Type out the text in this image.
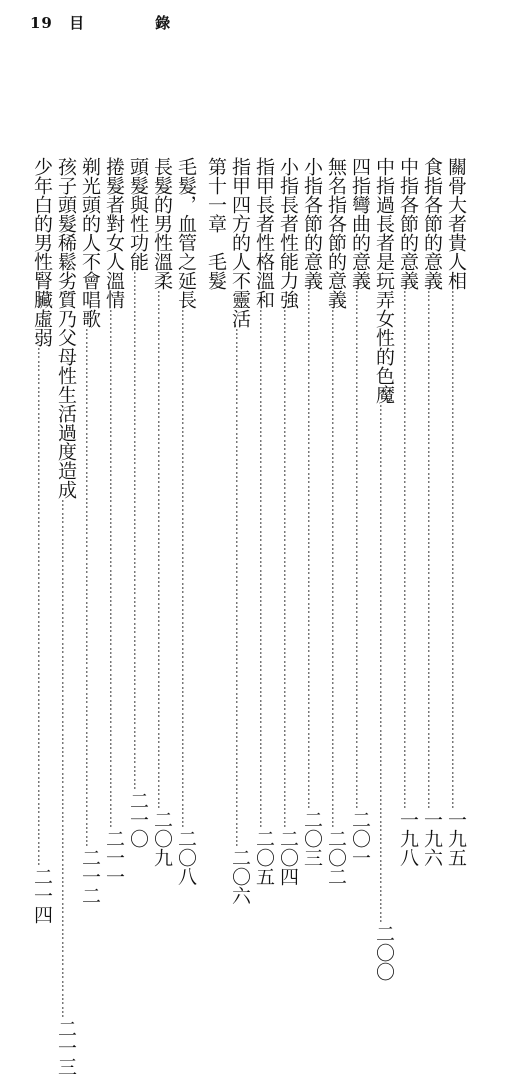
19 目　錄
關骨大者貴人相
…………………………………………………………………………………………………………
一九五
食指各節的意義
…………………………………………………………………………………………………………
一九六
中指各節的意義
…………………………………………………………………………………………………………
一九八
中指過長者是玩弄女性的色魔
…………………………………………………………………………………………………………
二〇〇
四指彎曲的意義
…………………………………………………………………………………………………………
二〇一
無名指各節的意義
…………………………………………………………………………………………………………
二〇二
小指各節的意義
…………………………………………………………………………………………………………
二〇三
小指長者性能力強
…………………………………………………………………………………………………………
二〇四
指甲長者性格溫和
…………………………………………………………………………………………………………
二〇五
指甲四方的人不靈活
…………………………………………………………………………………………………………
二〇六
第十一章　毛髮
毛髮，血管之延長
…………………………………………………………………………………………………………
二〇八
長髮的男性溫柔
…………………………………………………………………………………………………………
二〇九
頭髮與性功能
…………………………………………………………………………………………………………
二一〇
捲髮者對女人溫情
…………………………………………………………………………………………………………
二一一
剃光頭的人不會唱歌
…………………………………………………………………………………………………………
二一二
孩子頭髮稀鬆劣質乃父母性生活過度造成
…………………………………………………………………………………………………………
二一三
少年白的男性腎臟虛弱
…………………………………………………………………………………………………………
二一四
